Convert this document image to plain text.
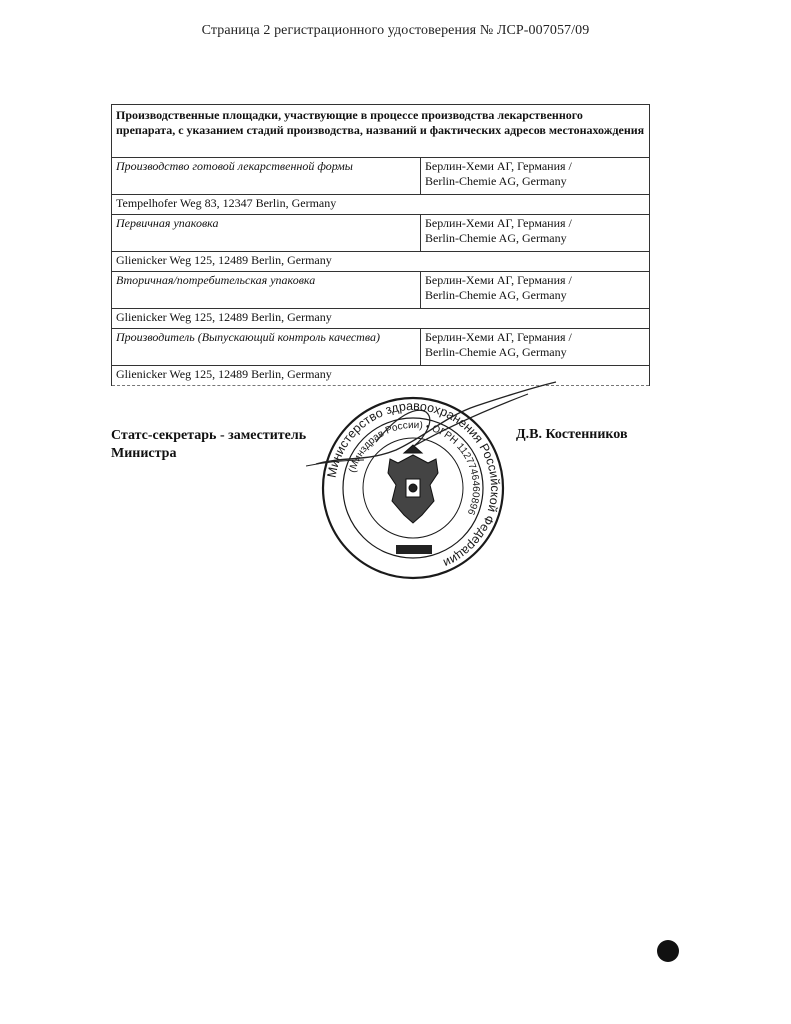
Страница 2 регистрационного удостоверения № ЛСР-007057/09
Производственные площадки, участвующие в процессе производства лекарственного препарата, с указанием стадий производства, названий и фактических адресов местонахождения	
Производство готовой лекарственной формы	Берлин-Хеми АГ, Германия /
Berlin-Chemie AG, Germany

Tempelhofer Weg 83, 12347 Berlin, Germany	
Первичная упаковка	Берлин-Хеми АГ, Германия /
Berlin-Chemie AG, Germany

Glienicker Weg 125, 12489 Berlin, Germany	
Вторичная/потребительская упаковка	Берлин-Хеми АГ, Германия /
Berlin-Chemie AG, Germany

Glienicker Weg 125, 12489 Berlin, Germany	
Производитель (Выпускающий контроль качества)	Берлин-Хеми АГ, Германия /
Berlin-Chemie AG, Germany

Glienicker Weg 125, 12489 Berlin, Germany	
Статс-секретарь - заместитель
Министра
Д.В. Костенников
Министерство здравоохранения Российской Федерации
(Минздрав России) • ОГРН 1127746460896
